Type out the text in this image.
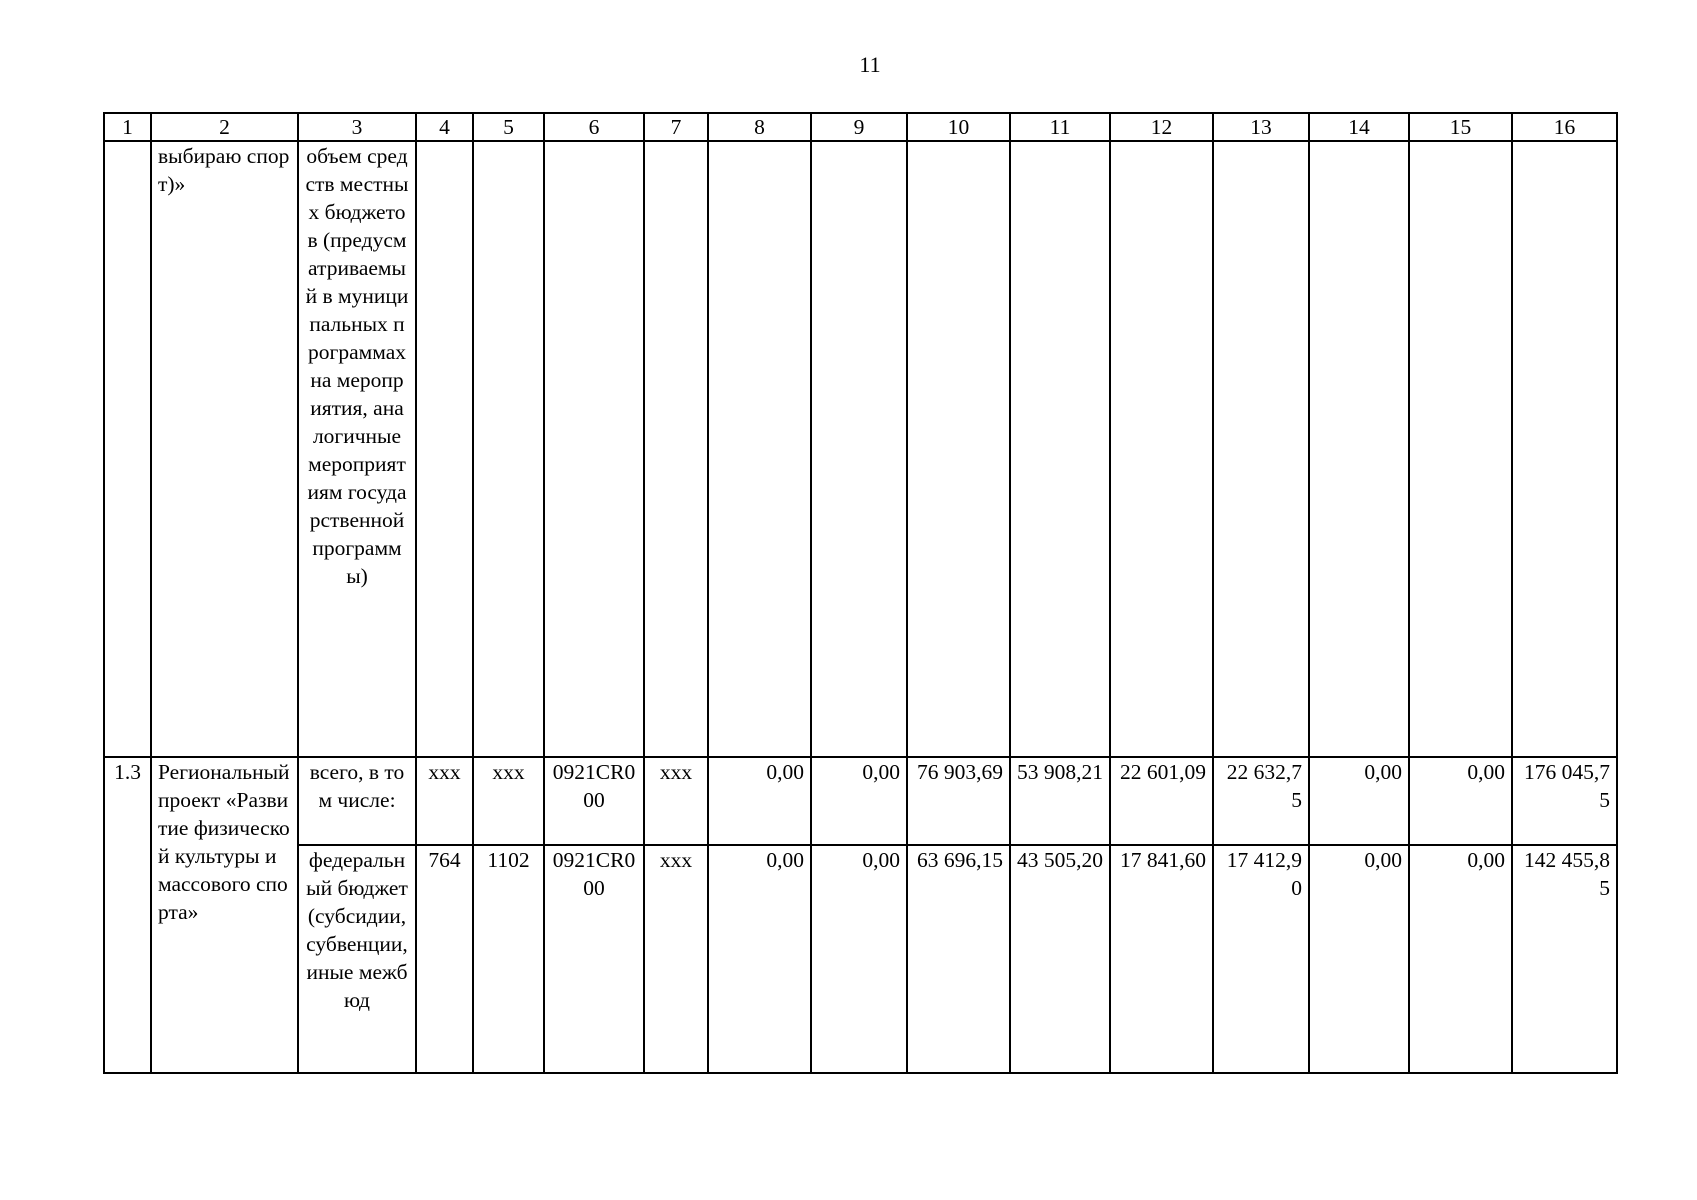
11
1	2	3	4	5	6	7	8	9	10	11	12	13	14	15	16
	выбираю спорт)»	объем средств местных бюджетов (предусматриваемый в муниципальных программах на мероприятия, аналогичные мероприятиям государственной программы)													
1.3	Региональный проект «Развитие физической культуры и массового спорта»	всего, в том числе:	xxx	xxx	0921CR000	xxx	0,00	0,00	76 903,69	53 908,21	22 601,09	22 632,75	0,00	0,00	176 045,75
		федеральный бюджет (субсидии, субвенции, иные межбюд	764	1102	0921CR000	xxx	0,00	0,00	63 696,15	43 505,20	17 841,60	17 412,90	0,00	0,00	142 455,85
